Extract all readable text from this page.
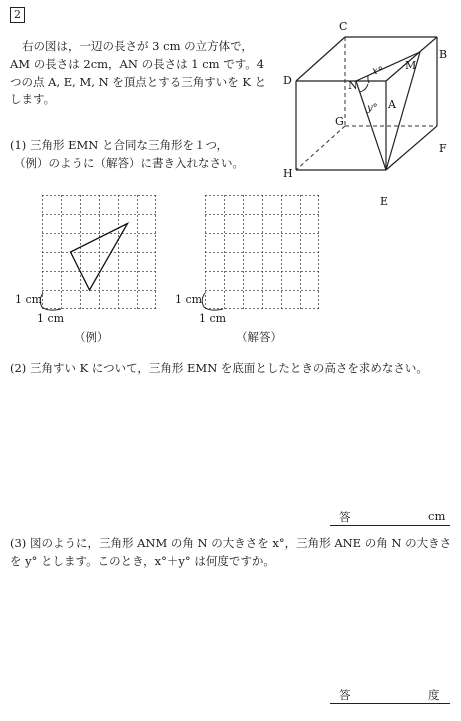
2
右の図は，一辺の長さが 3 cm の立方体で，
AM の長さは 2cm，AN の長さは 1 cm です。4
つの点 A, E, M, N を頂点とする三角すいを K と
します。
C
B
D
A
G
H
F
E
M
N
x°
y°
(1) 三角形 EMN と合同な三角形を１つ，
（例）のように（解答）に書き入れなさい。
1 cm
1 cm
（例）
1 cm
1 cm
（解答）
(2) 三角すい K について，三角形 EMN を底面としたときの高さを求めなさい。
答	cm
(3) 図のように，三角形 ANM の角 N の大きさを x°，三角形 ANE の角 N の大きさ
を y° とします。このとき，x°＋y° は何度ですか。
答	度
